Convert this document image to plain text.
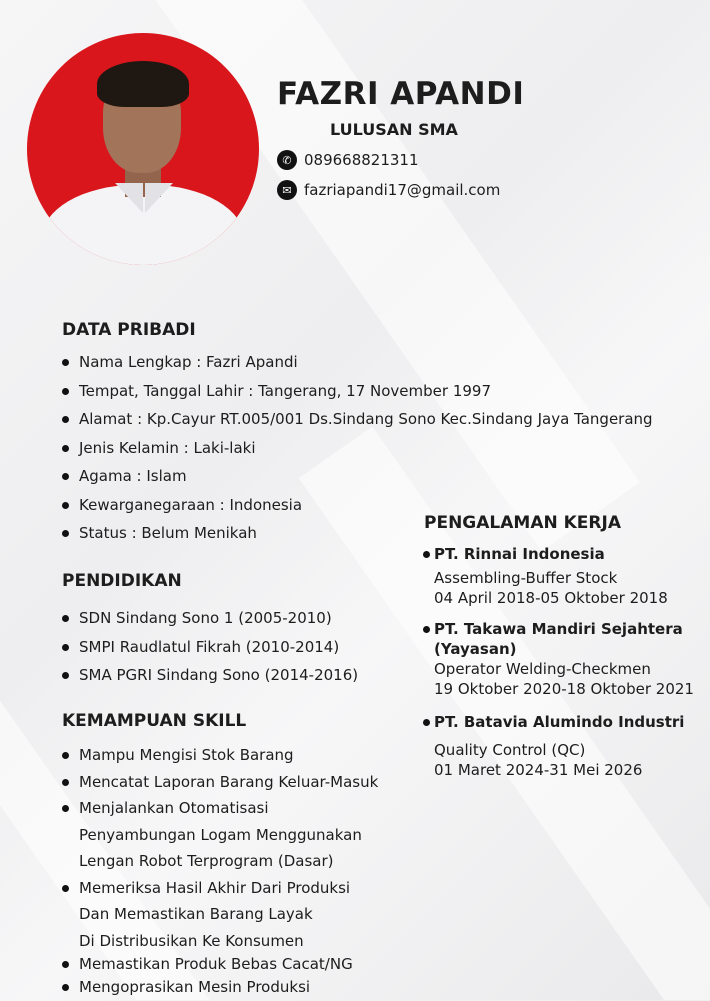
FAZRI APANDI

LULUSAN SMA

✆ 089668821311
✉ fazriapandi17@gmail.com
DATA PRIBADI
Nama Lengkap : Fazri Apandi
Tempat, Tanggal Lahir : Tangerang, 17 November 1997
Alamat : Kp.Cayur RT.005/001 Ds.Sindang Sono Kec.Sindang Jaya Tangerang
Jenis Kelamin : Laki-laki
Agama : Islam
Kewarganegaraan : Indonesia
Status : Belum Menikah
PENDIDIKAN
SDN Sindang Sono 1 (2005-2010)
SMPI Raudlatul Fikrah (2010-2014)
SMA PGRI Sindang Sono (2014-2016)
KEMAMPUAN SKILL
Mampu Mengisi Stok Barang
Mencatat Laporan Barang Keluar-Masuk
Menjalankan Otomatisasi
Penyambungan Logam Menggunakan
Lengan Robot Terprogram (Dasar)
Memeriksa Hasil Akhir Dari Produksi
Dan Memastikan Barang Layak
Di Distribusikan Ke Konsumen
Memastikan Produk Bebas Cacat/NG
Mengoprasikan Mesin Produksi
PENGALAMAN KERJA
PT. Rinnai Indonesia
Assembling-Buffer Stock
04 April 2018-05 Oktober 2018
PT. Takawa Mandiri Sejahtera
(Yayasan)
Operator Welding-Checkmen
19 Oktober 2020-18 Oktober 2021
PT. Batavia Alumindo Industri
Quality Control (QC)
01 Maret 2024-31 Mei 2026
